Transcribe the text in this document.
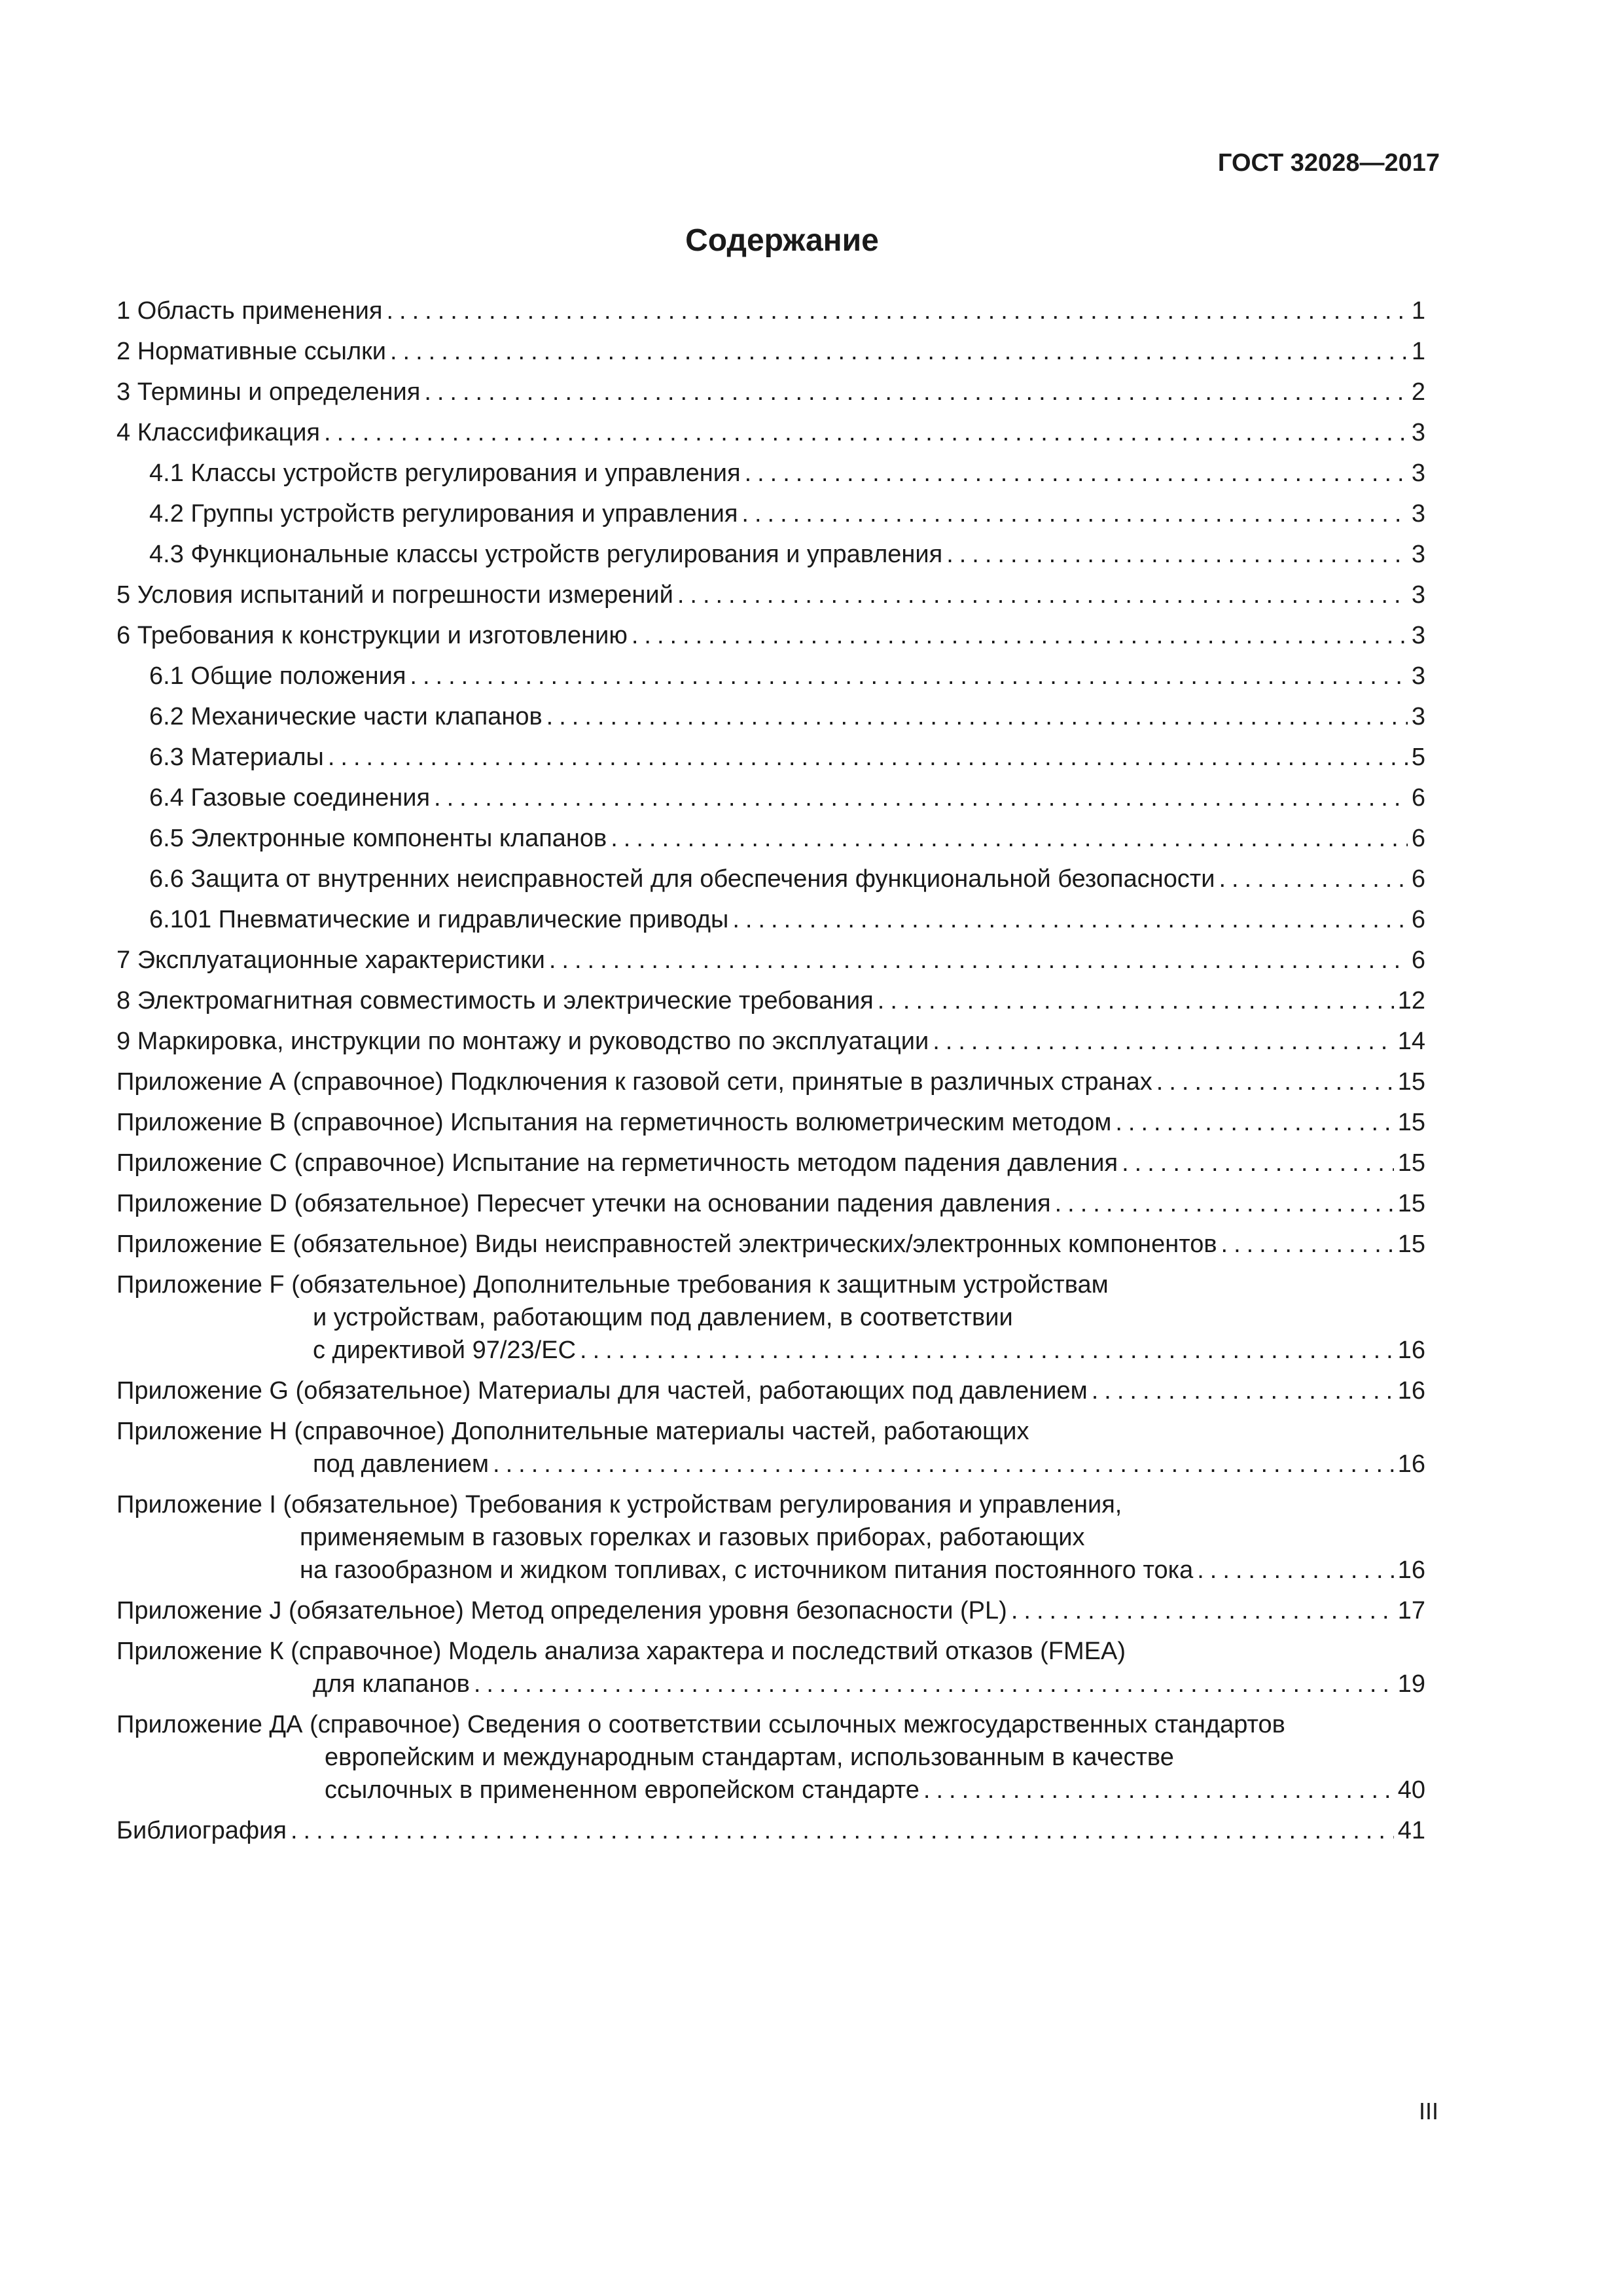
ГОСТ 32028—2017
Содержание
1 Область применения .....	1
2 Нормативные ссылки .....	1
3 Термины и определения .....	2
4 Классификация .....	3
4.1 Классы устройств регулирования и управления .....	3
4.2 Группы устройств регулирования и управления .....	3
4.3 Функциональные классы устройств регулирования и управления .....	3
5 Условия испытаний и погрешности измерений .....	3
6 Требования к конструкции и изготовлению .....	3
6.1 Общие положения .....	3
6.2 Механические части клапанов .....	3
6.3 Материалы .....	5
6.4 Газовые соединения .....	6
6.5 Электронные компоненты клапанов .....	6
6.6 Защита от внутренних неисправностей для обеспечения функциональной безопасности .....	6
6.101 Пневматические и гидравлические приводы .....	6
7 Эксплуатационные характеристики .....	6
8 Электромагнитная совместимость и электрические требования .....	12
9 Маркировка, инструкции по монтажу и руководство по эксплуатации .....	14
Приложение А (справочное) Подключения к газовой сети, принятые в различных странах .....	15
Приложение В (справочное) Испытания на герметичность волюметрическим методом .....	15
Приложение С (справочное) Испытание на герметичность методом падения давления .....	15
Приложение D (обязательное) Пересчет утечки на основании падения давления .....	15
Приложение Е (обязательное) Виды неисправностей электрических/электронных компонентов .....	15
Приложение F (обязательное) Дополнительные требования к защитным устройствам
и устройствам, работающим под давлением, в соответствии
с директивой 97/23/ЕС .....	16
Приложение G (обязательное) Материалы для частей, работающих под давлением .....	16
Приложение Н (справочное) Дополнительные материалы частей, работающих
под давлением .....	16
Приложение I (обязательное) Требования к устройствам регулирования и управления,
применяемым в газовых горелках и газовых приборах, работающих
на газообразном и жидком топливах, с источником питания постоянного тока .....	16
Приложение J (обязательное) Метод определения уровня безопасности (PL) .....	17
Приложение К (справочное) Модель анализа характера и последствий отказов (FMEA)
для клапанов .....	19
Приложение ДА (справочное) Сведения о соответствии ссылочных межгосударственных стандартов
европейским и международным стандартам, использованным в качестве
ссылочных в примененном европейском стандарте .....	40
Библиография .....	41
III
